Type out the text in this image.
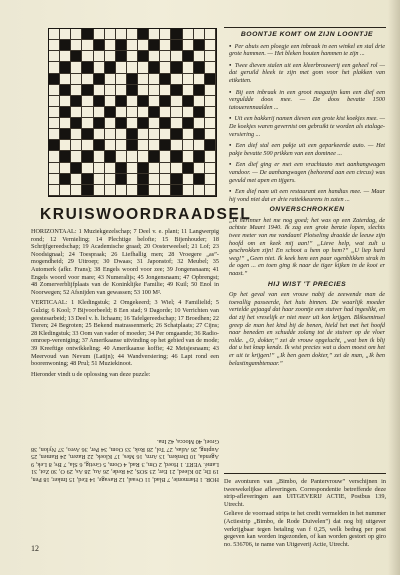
KRUISWOORDRAADSEL

HORIZONTAAL: 1 Muziekgezelschap; 7 Deel v. e. plant; 11 Langwerpig rond; 12 Vernieling; 14 Plechtige belofte; 15 Bijenhouder; 18 Schrijfgereedschap; 19 Academische graad; 20 Oosterweelsel; 21 Lof; 23 Noodsignaal; 24 Toespraak; 26 Liefhallig men; 28 Vroegere „as”-mogendheid; 29 Uitroep; 30 Dwaas; 31 Japonstof; 32 Meubel; 35 Automerk (afkr. Frans); 38 Engels woord voor zee; 39 Jongensnaam; 41 Engels woord voor mare; 43 Numeralijs; 45 Jongensnaam; 47 Opbrengst; 48 Zomerverblijfplaats van de Koninklijke Familie; 49 Kuil; 50 Enol in Noorwegen; 52 Afsnijden van gewassen; 53 100 M².

VERTICAAL: 1 Kledingstuk; 2 Omgekeerd; 3 Wiel; 4 Familielid; 5 Gulzig; 6 Kool; 7 Bijvoorbeeld; 8 Een stad; 9 Dagorde; 10 Verrichten van geestesarbeid; 13 Deel v. h. lichaam; 16 Tafelgereedschap; 17 Broedhen; 22 Tieren; 24 Begroten; 25 Bekend matrassenmerk; 26 Schatplaats; 27 Cijns; 28 Kledingstuk; 33 Oom van vader of moeder; 34 Per omgaande; 36 Radio-omroep-vereniging; 37 Amerikaanse uitvinding op het gebied van de mode; 39 Kreeftige ontwikkeling; 40 Amerikaanse koffie; 42 Meisjesnaam; 43 Meervoud van Nevum (Latijn); 44 Wandversiering; 46 Lapt rond een boorenwoning; 48 Prul; 51 Muziekinoot.

Hieronder vindt u de oplossing van deze puzzle:

HOR. 1 Harmonie, 7 Blad, 11 Ovaal, 12 Ravage, 14 Eed, 15 Imker, 18 Pen, 19 Dr, 20 Kleed, 21 Eer, 23 SOS, 24 Rede, 26 Au, 28 As, 29 O, 30 Zot, 31 Lamé. VERT. 1 Hoed, 2 Om, 3 Rad, 4 Oom, 5 Gretig, 6 Sla, 7 Bv, 8 Lek, 9 Agenda, 10 Denken, 13 Arm, 16 Mes, 17 Kloek, 22 Razen, 24 Ramen, 25 Auping, 26 Atlas, 27 Tol, 28 Rok, 33 Oom, 34 Per, 36 Avro, 37 Nylon, 38 Groei, 40 Mocca, 42 Ina.
12

BOONTJE KOMT OM ZIJN LOONTJE

● Per abuis een ploegje een inbraak in een winkel en stal drie grote hammen. — Het bleken houten hammen te zijn ...

● Twee dieven stalen uit een kleerbrouwerij een geheel rol — dat geruild bleek te zijn met gom voor het plakken van etiketten.

● Bij een inbraak in een groot magazijn kam een dief een verguldde doos mee. — De doos bevatte 1500 tatouerennaalden ...

● Uit een bakkerij namen dieven een grote kist koekjes mee. — De koekjes waren gevernist om gebruikt te worden als etalage-versiering ...

● Een dief stal een pakje uit een geparkeerde auto. — Het pakje bevatte 500 prikken van een dominee ...

● Een dief ging er met een vrachtauto met aanhangwagen vandoor. — De aanhangwagen (behorend aan een circus) was gevuld met apen en tijgers.

● Een dief nam uit een restaurant een handtas mee. — Maar hij vond niet dat er drie rattekkeurens in zaten ...

ONVERSCHROKKEN

„Ik herinner het me nog goed; het was op een Zaterdag, de achtste Maart 1940. Ik zag een grote benzie lopen, slechts twee meter van me vandaan! Plotseling draaide de leeuw zijn hoofd om en keek mij aan!” „Lieve help, wat zult u geschrokken zijn! En schoot u hem op hem?” „U liep hard weg!” „Geen niet. Ik keek hem een paar ogenblikken strak in de ogen ... en toen ging ik naar de tiger kijken in de kooi er naast.”

HIJ WIST 'T PRECIES

Op het geval van een vrouw nabij de zeewende man de toevallig passeerde, het huis binnen. De waarlijk moeder vertelde gejaagd dat haar zoontje een stuiver had ingeslikt, en dat zij het vreselijk er niet meer uit kon krijgen. Blikseminsel greep de man het kind bij de benen, hield het met het hoofd naar beneden en schudde zolang tot de stuiver op de vloer rolde. „O, dokter,” zei de vrouw opgelucht, „wat ben ik blij dat u het knap kende. Ik wist precies wat u doen moest om het er uit te krijgen!” „Ik ben geen dokter,” zei de man, „Ik ben belastingambtenaar.”

De avonturen van „Bimbo, de Pantervrouw” verschijnen in tweewekelijkse afleveringen. Correspondentie betreffende deze strip-afleveringen aan UITGEVERIJ ACTIE, Postbus 139, Utrecht.

Gelieve de voorraad strips te het credit vermelden in het nummer (Actiestrip „Bimbo, de Rode Duivelen”) dat nog bij uitgever verkrijgbaar tegen betaling van f 0,25, welk bedrag per post gegeven kan worden ingezonden, of kan worden gestort op giro no. 536706, te name van Uitgeverij Actie, Utrecht.
